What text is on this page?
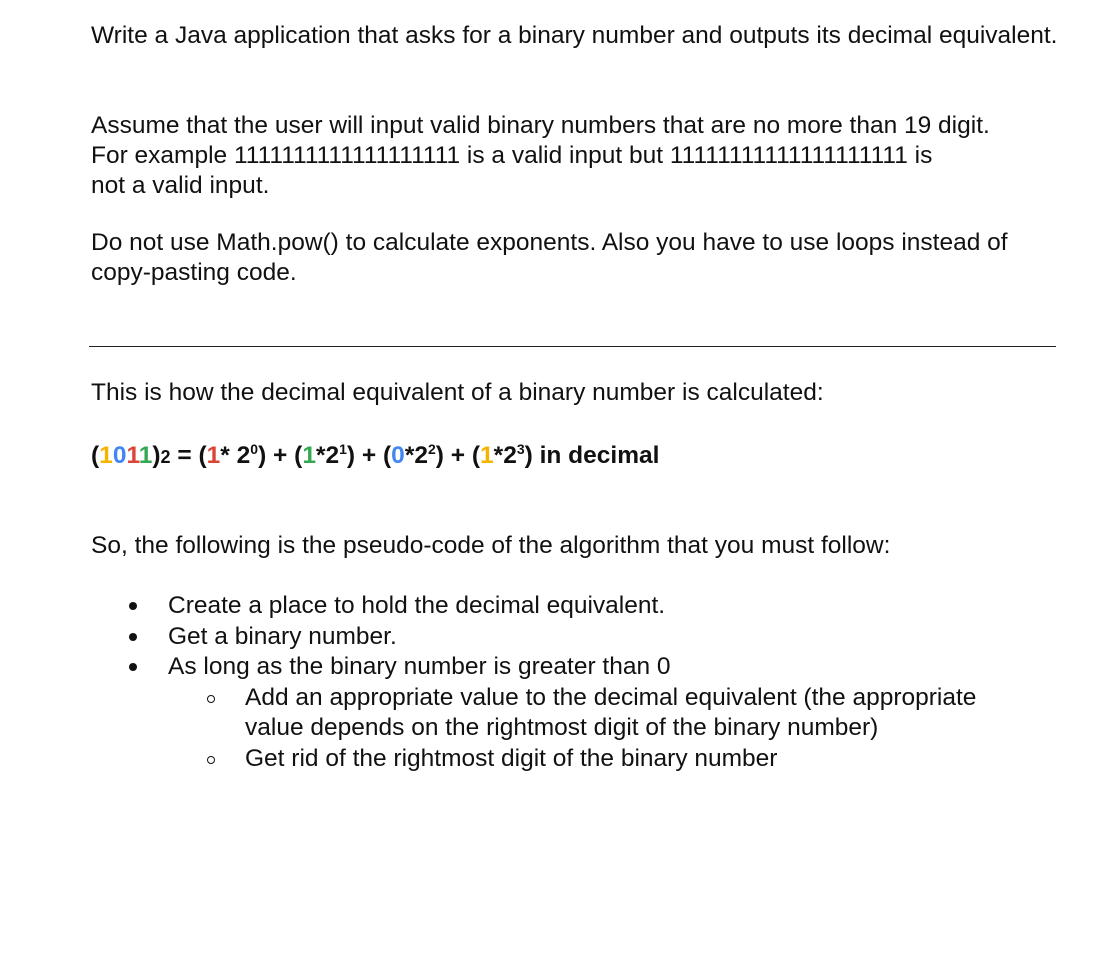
Write a Java application that asks for a binary number and outputs its decimal equivalent.

Assume that the user will input valid binary numbers that are no more than 19 digit.
For example 1111111111111111111 is a valid input but 11111111111111111111 is
not a valid input.

Do not use Math.pow() to calculate exponents. Also you have to use loops instead of copy-pasting code.

This is how the decimal equivalent of a binary number is calculated:

(1011)2 = (1* $2^0) + (1*2^1) + (0*2^2) + (1*2^3)$ in decimal

So, the following is the pseudo-code of the algorithm that you must follow:

Create a place to hold the decimal equivalent.
Get a binary number.
As long as the binary number is greater than 0
Add an appropriate value to the decimal equivalent (the appropriate value depends on the rightmost digit of the binary number)
Get rid of the rightmost digit of the binary number
